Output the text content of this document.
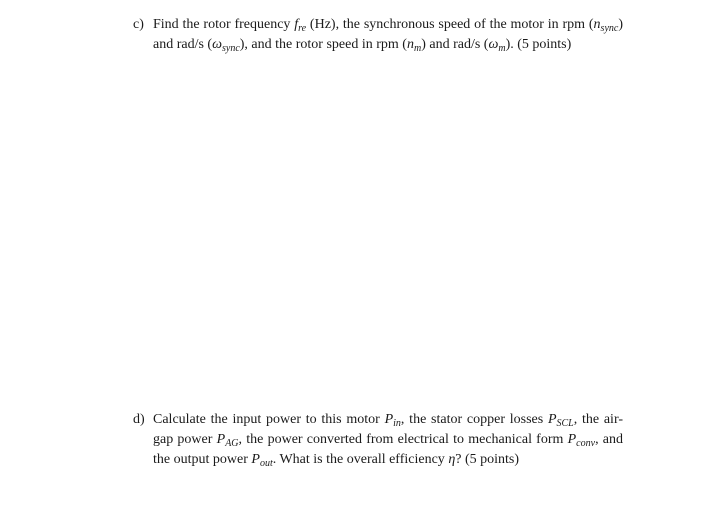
c) Find the rotor frequency $f_{re}$ (Hz), the synchronous speed of the motor in rpm $(n_{sync})$ and rad/s $(\omega_{sync})$, and the rotor speed in rpm $(n_m)$ and rad/s $(\omega_m)$. (5 points)
d) Calculate the input power to this motor $P_{in}$, the stator copper losses $P_{SCL}$, the air-gap power $P_{AG}$, the power converted from electrical to mechanical form $P_{conv}$, and the output power $P_{out}$. What is the overall efficiency η? (5 points)
